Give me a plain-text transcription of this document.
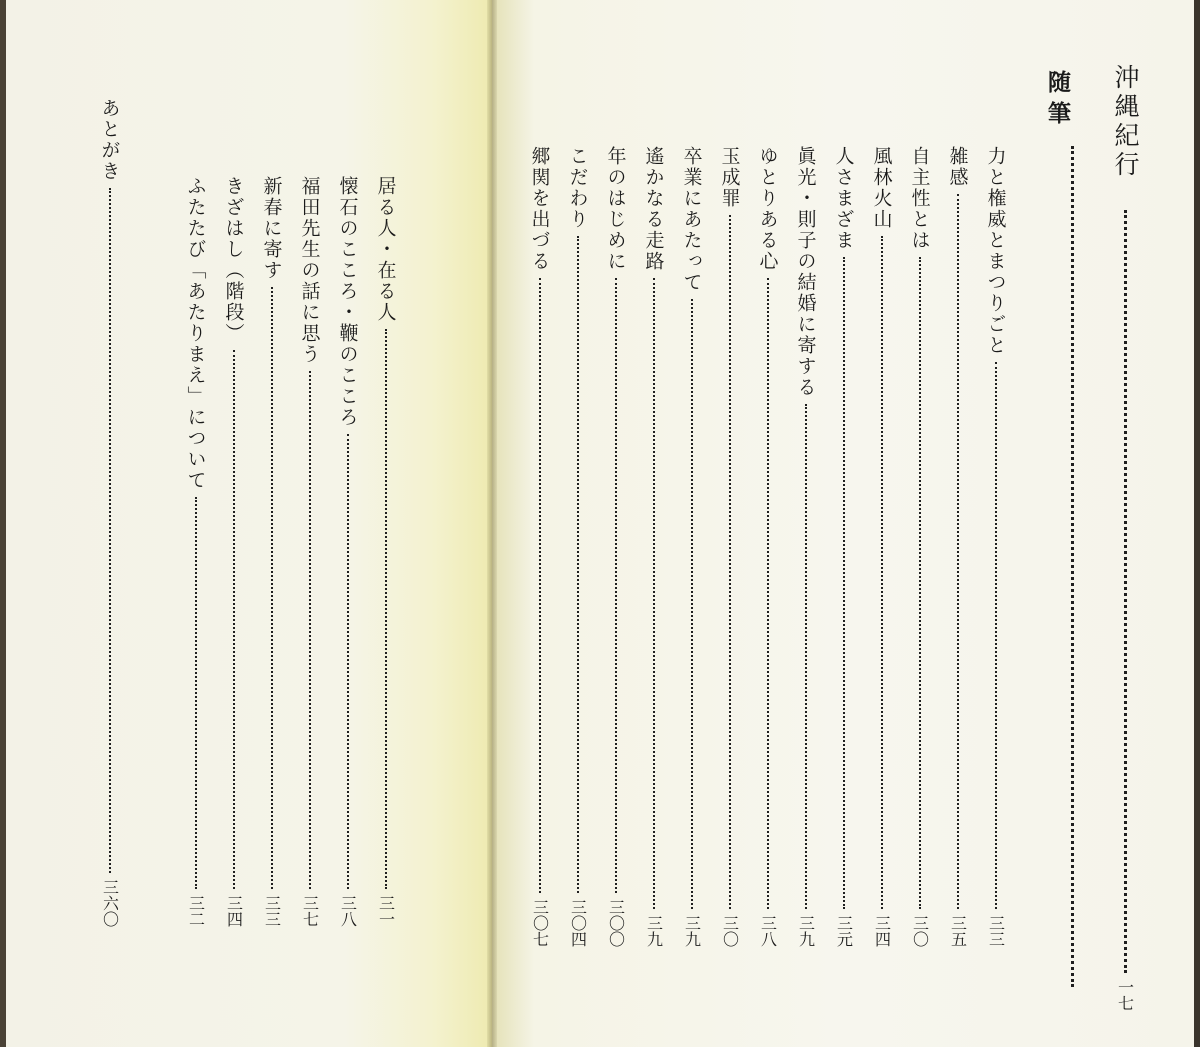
沖縄紀行
一七
随筆
力と権威とまつりごと
三三
雑感
三五
自主性とは
三〇
風林火山
三四
人さまざま
三元
眞光・則子の結婚に寄する
三九
ゆとりある心
三八
玉成罪
三〇
卒業にあたって
三九
遙かなる走路
三九
年のはじめに
三〇〇
こだわり
三〇四
郷関を出づる
三〇七
居る人・在る人
三一
懐石のこころ・鞭のこころ
三八
福田先生の話に思う
三七
新春に寄す
三三
きざはし（階段）
三四
ふたたび「あたりまえ」について
三二
あとがき
三六〇
